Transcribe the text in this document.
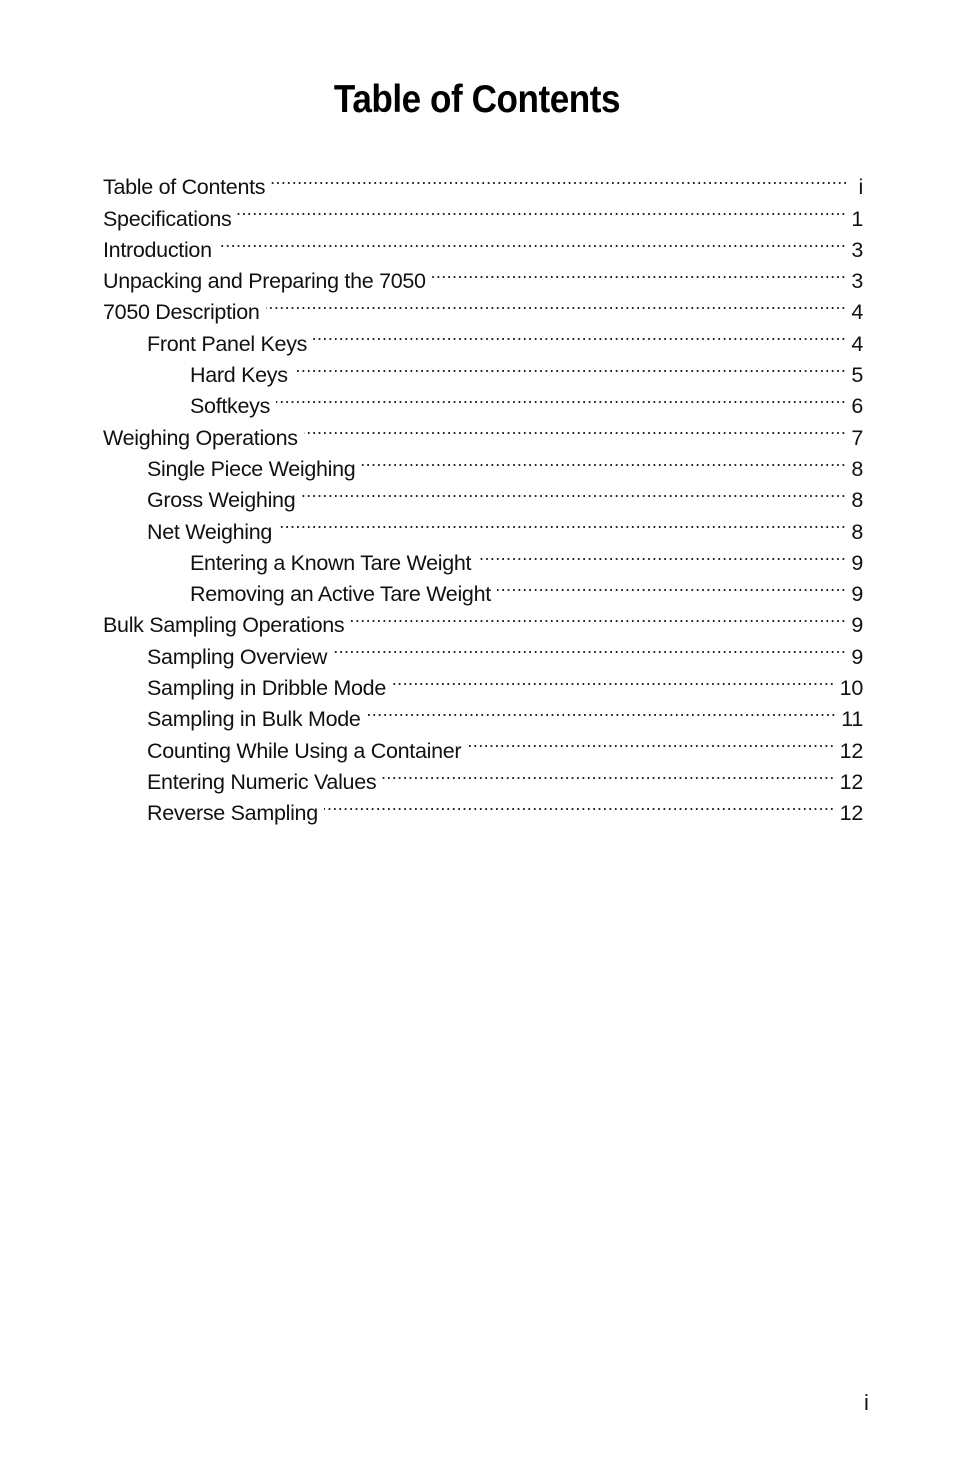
Table of Contents
Table of Contents .....	i
Specifications .....	1
Introduction .....	3
Unpacking and Preparing the 7050 .....	3
7050 Description .....	4
Front Panel Keys .....	4
Hard Keys .....	5
Softkeys .....	6
Weighing Operations .....	7
Single Piece Weighing .....	8
Gross Weighing .....	8
Net Weighing .....	8
Entering a Known Tare Weight .....	9
Removing an Active Tare Weight .....	9
Bulk Sampling Operations .....	9
Sampling Overview .....	9
Sampling in Dribble Mode .....	10
Sampling in Bulk Mode .....	11
Counting While Using a Container .....	12
Entering Numeric Values .....	12
Reverse Sampling .....	12
i
